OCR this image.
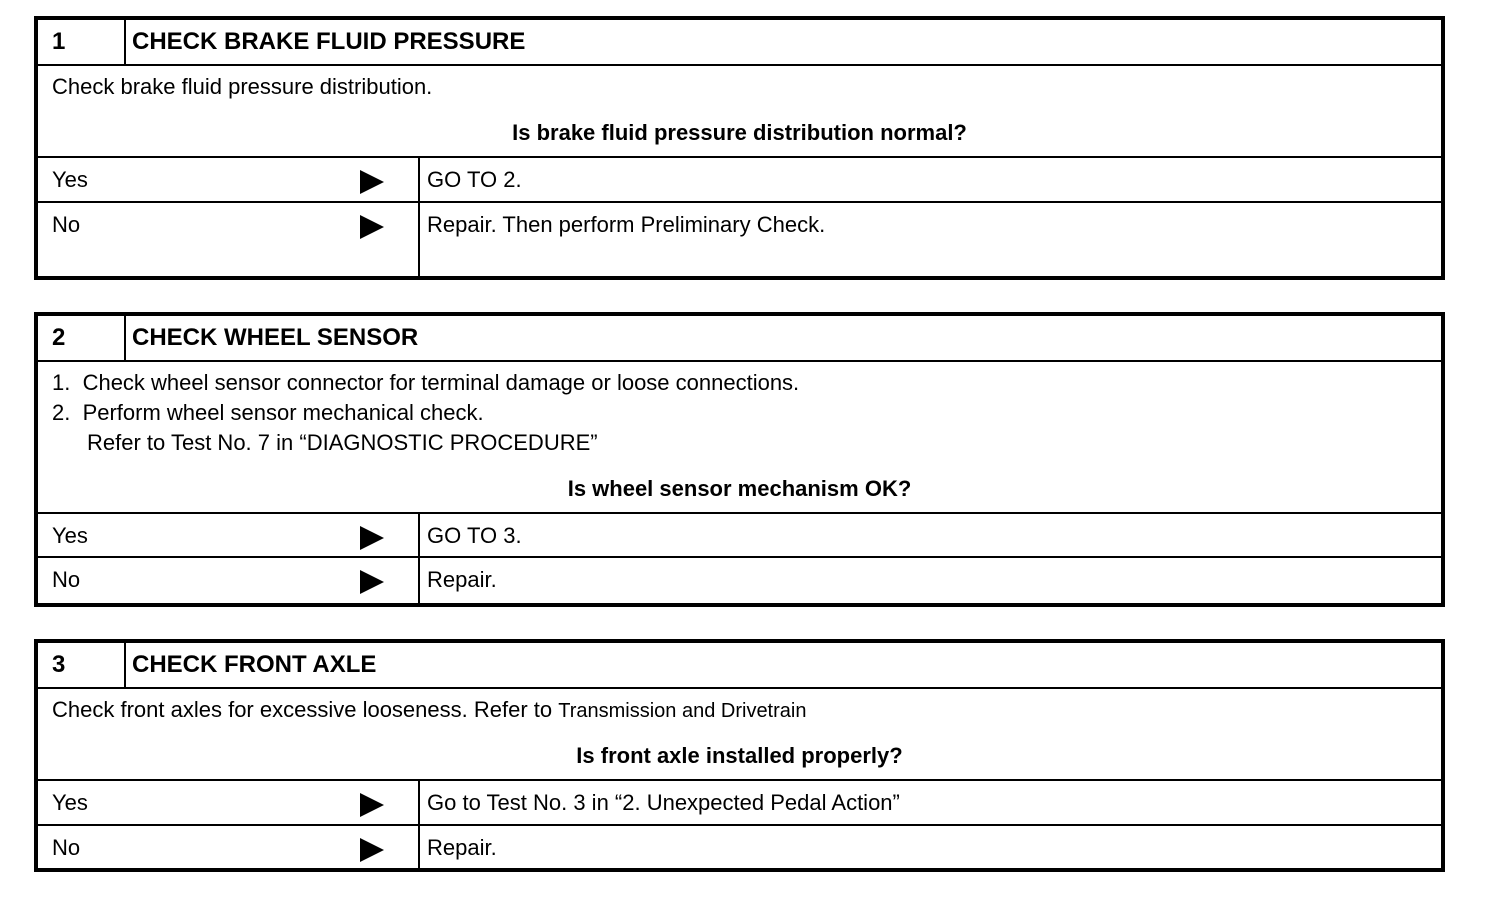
1	CHECK BRAKE FLUID PRESSURE
Check brake fluid pressure distribution.
Is brake fluid pressure distribution normal?
Yes	GO TO 2.
No	Repair. Then perform Preliminary Check.
2	CHECK WHEEL SENSOR
1.  Check wheel sensor connector for terminal damage or loose connections.
2.  Perform wheel sensor mechanical check.
Refer to Test No. 7 in “DIAGNOSTIC PROCEDURE”
Is wheel sensor mechanism OK?
Yes	GO TO 3.
No	Repair.
3	CHECK FRONT AXLE
Check front axles for excessive looseness. Refer to Transmission and Drivetrain
Is front axle installed properly?
Yes	Go to Test No. 3 in “2. Unexpected Pedal Action”
No	Repair.
